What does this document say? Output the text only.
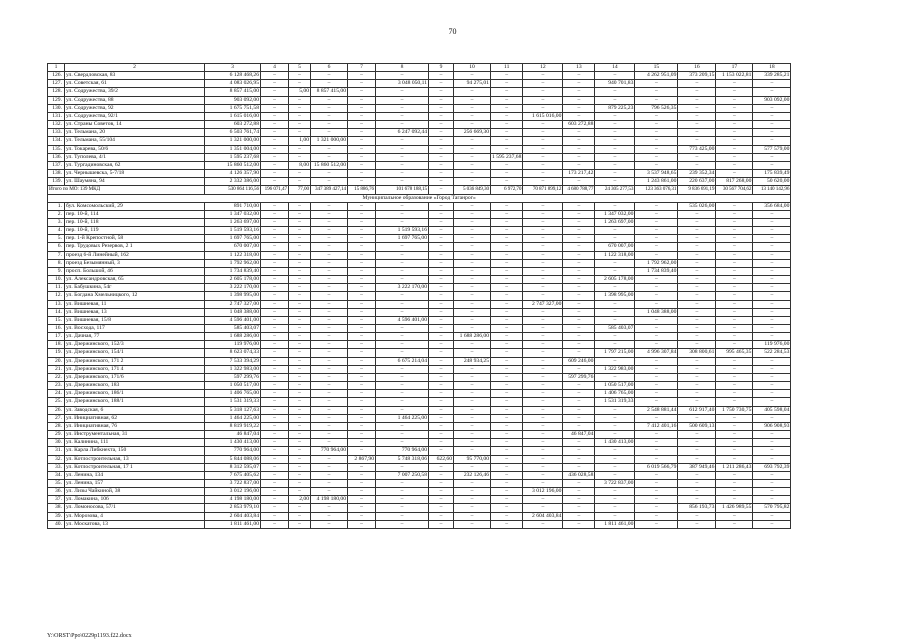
70
1	2	3	4	5	6	7	8	9	10	11	12	13	14	15	16	17	18
126.	ул. Свердловская, 83	6 128 468,26	–	–	–	–	–	–	–	–	–	–	–	4 262 951,09	373 209,15	1 153 022,81	339 285,21
127.	ул. Советская, 61	4 083 026,95	–	–	–	–	3 048 050,11	–	94 275,01	–	–	–	940 701,83	–	–	–	–
128.	ул. Содружества, 39/2	8 857 415,00	–	5,00	8 857 415,00	–	–	–	–	–	–	–	–	–	–	–	–
129.	ул. Содружества, 88	903 092,00	–	–	–	–	–	–	–	–	–	–	–	–	–	–	903 092,00
130.	ул. Содружества, 92	1 675 751,58	–	–	–	–	–	–	–	–	–	–	879 225,23	796 526,35	–	–	–
131.	ул. Содружества, 92/1	1 615 016,00	–	–	–	–	–	–	–	–	1 615 016,00	–	–	–	–	–	–
132.	ул. Страны Советов, 14	603 272,88	–	–	–	–	–	–	–	–	–	603 272,88	–	–	–	–	–
133.	ул. Тельмана, 20	6 503 761,74	–	–	–	–	6 247 092,44	–	256 669,30	–	–	–	–	–	–	–	–
134.	ул. Тельмана, 55/104	1 321 000,00	–	1,00	1 321 000,00	–	–	–	–	–	–	–	–	–	–	–	–
135.	ул. Токарева, 50/6	1 351 004,00	–	–	–	–	–	–	–	–	–	–	–	–	773 425,00	–	577 579,00
136.	ул. Туполева, 4/1	1 595 237,68	–	–	–	–	–	–	–	1 595 237,68	–	–	–	–	–	–	–
137.	ул. Тургадиновская, 62	15 860 512,00	–	8,00	15 860 512,00	–	–	–	–	–	–	–	–	–	–	–	–
138.	ул. Чернышевска, 5-7/18	4 126 357,90	–	–	–	–	–	–	–	–	–	173 217,42	–	3 537 948,65	239 352,34	–	175 839,49
139.	ул. Шаумяна, 94	2 332 386,00	–	–	–	–	–	–	–	–	–	–	–	1 243 861,00	220 637,00	817 268,00	50 620,00
Итого по МО: 139 МКД		530 864 116,56	196 071,47	77,00	347 389 427,14	15 886,76	101 678 188,15	–	5 036 849,30	6 972,70	70 871 899,12	4 680 788,77	24 305 277,53	123 363 076,31	9 836 691,19	30 567 704,62	13 140 142,96
Муниципальное образование «Город Таганрог»																	
1.	бул. Комсомольский, 29	891 710,00	–	–	–	–	–	–	–	–	–	–	–	–	535 026,00	–	356 684,00
2.	пер. 10-й, 114	1 347 032,00	–	–	–	–	–	–	–	–	–	–	1 347 032,00	–	–	–	–
3.	пер. 10-й, 118	1 263 697,00	–	–	–	–	–	–	–	–	–	–	1 263 697,00	–	–	–	–
4.	пер. 10-й, 119	1 519 593,16	–	–	–	–	1 519 593,16	–	–	–	–	–	–	–	–	–	–
5.	пер. 1-й Крепостной, 58	1 697 765,00	–	–	–	–	1 697 765,00	–	–	–	–	–	–	–	–	–	–
6.	пер. Трудовых Резервов, 2 1	670 007,00	–	–	–	–	–	–	–	–	–	–	670 007,00	–	–	–	–
7.	проезд 6-й Линейный, 162	1 122 318,00	–	–	–	–	–	–	–	–	–	–	1 122 318,00	–	–	–	–
8.	проезд Безымянный, 3	1 792 962,00	–	–	–	–	–	–	–	–	–	–	–	1 792 962,00	–	–	–
9.	просп. Большой, 46	1 734 839,40	–	–	–	–	–	–	–	–	–	–	–	1 734 839,40	–	–	–
10.	ул. Александровская, 65	2 605 178,00	–	–	–	–	–	–	–	–	–	–	2 605 178,00	–	–	–	–
11.	ул. Бабушкина, 54г	3 222 170,00	–	–	–	–	3 222 170,00	–	–	–	–	–	–	–	–	–	–
12.	ул. Богдана Хмельницкого, 12	1 398 995,00	–	–	–	–	–	–	–	–	–	–	1 398 995,00	–	–	–	–
13.	ул. Вишневая, 11	2 747 327,00	–	–	–	–	–	–	–	–	2 747 327,00	–	–	–	–	–	–
14.	ул. Вишневая, 13	1 048 388,00	–	–	–	–	–	–	–	–	–	–	–	1 048 388,00	–	–	–
15.	ул. Вишневая, 15/8	4 596 401,00	–	–	–	–	4 596 401,00	–	–	–	–	–	–	–	–	–	–
16.	ул. Восхода, 117	585 403,07	–	–	–	–	–	–	–	–	–	–	585 403,07	–	–	–	–
17.	ул. Дачная, 77	1 688 286,00	–	–	–	–	–	–	1 688 286,00	–	–	–	–	–	–	–	–
18.	ул. Дзержинского, 152/3	119 976,00	–	–	–	–	–	–	–	–	–	–	–	–	–	–	119 976,00
19.	ул. Дзержинского, 154/1	8 623 074,33	–	–	–	–	–	–	–	–	–	–	1 797 215,00	4 996 307,84	308 800,61	995 465,35	522 284,53
20.	ул. Дзержинского, 171 2	7 533 394,29	–	–	–	–	6 675 214,04	–	248 934,25	–	–	609 246,00	–	–	–	–	–
21.	ул. Дзержинского, 171 4	1 322 983,00	–	–	–	–	–	–	–	–	–	–	1 322 983,00	–	–	–	–
22.	ул. Дзержинского, 171/6	597 299,76	–	–	–	–	–	–	–	–	–	597 299,76	–	–	–	–	–
23.	ул. Дзержинского, 183	1 050 517,00	–	–	–	–	–	–	–	–	–	–	1 050 517,00	–	–	–	–
24.	ул. Дзержинского, 186/1	1 406 765,00	–	–	–	–	–	–	–	–	–	–	1 406 765,00	–	–	–	–
25.	ул. Дзержинского, 188/1	1 531 319,33	–	–	–	–	–	–	–	–	–	–	1 531 319,33	–	–	–	–
26.	ул. Заводская, 6	5 318 127,63	–	–	–	–	–	–	–	–	–	–	–	2 548 881,44	612 917,40	1 750 730,75	405 598,04
27.	ул. Инициативная, 62	1 464 225,00	–	–	–	–	1 464 225,00	–	–	–	–	–	–	–	–	–	–
28.	ул. Инициативная, 76	8 819 919,22	–	–	–	–	–	–	–	–	–	–	–	7 412 401,16	500 609,13	–	906 908,93
29.	ул. Инструментальная, 31	46 847,04	–	–	–	–	–	–	–	–	–	46 847,04	–	–	–	–	–
30.	ул. Калинина, 111	1 430 413,00	–	–	–	–	–	–	–	–	–	–	1 430 413,00	–	–	–	–
31.	ул. Карла Либкнехта, 150	770 964,00	–	–	770 964,00	–	770 964,00	–	–	–	–	–	–	–	–	–	–
32.	ул. Котлостроительная, 13	5 844 088,06	–	–	–	2 867,90	5 748 318,06	622,60	95 770,00	–	–	–	–	–	–	–	–
33.	ул. Котлостроительная, 17 1	8 312 595,07	–	–	–	–	–	–	–	–	–	–	–	6 019 566,79	387 949,46	1 211 286,43	693 792,39
34.	ул. Ленина, 134	7 675 405,62	–	–	–	–	7 007 250,58	–	232 126,46	–	–	436 028,58	–	–	–	–	–
35.	ул. Ленина, 157	3 722 837,00	–	–	–	–	–	–	–	–	–	–	3 722 837,00	–	–	–	–
36.	ул. Лизы Чайкиной, 38	3 012 196,00	–	–	–	–	–	–	–	–	3 012 196,00	–	–	–	–	–	–
37.	ул. Ломакина, 106	4 198 180,00	–	2,00	4 198 180,00	–	–	–	–	–	–	–	–	–	–	–	–
38.	ул. Ломоносова, 57/1	2 853 979,10	–	–	–	–	–	–	–	–	–	–	–	–	856 193,73	1 426 989,55	570 795,82
39.	ул. Морозова, 4	2 604 403,84	–	–	–	–	–	–	–	–	2 604 403,84	–	–	–	–	–	–
40.	ул. Москатова, 13	1 811 461,00	–	–	–	–	–	–	–	–	–	–	1 811 461,00	–	–	–	–
Y:\ORST\Ppo\0229p1193.f22.docx
